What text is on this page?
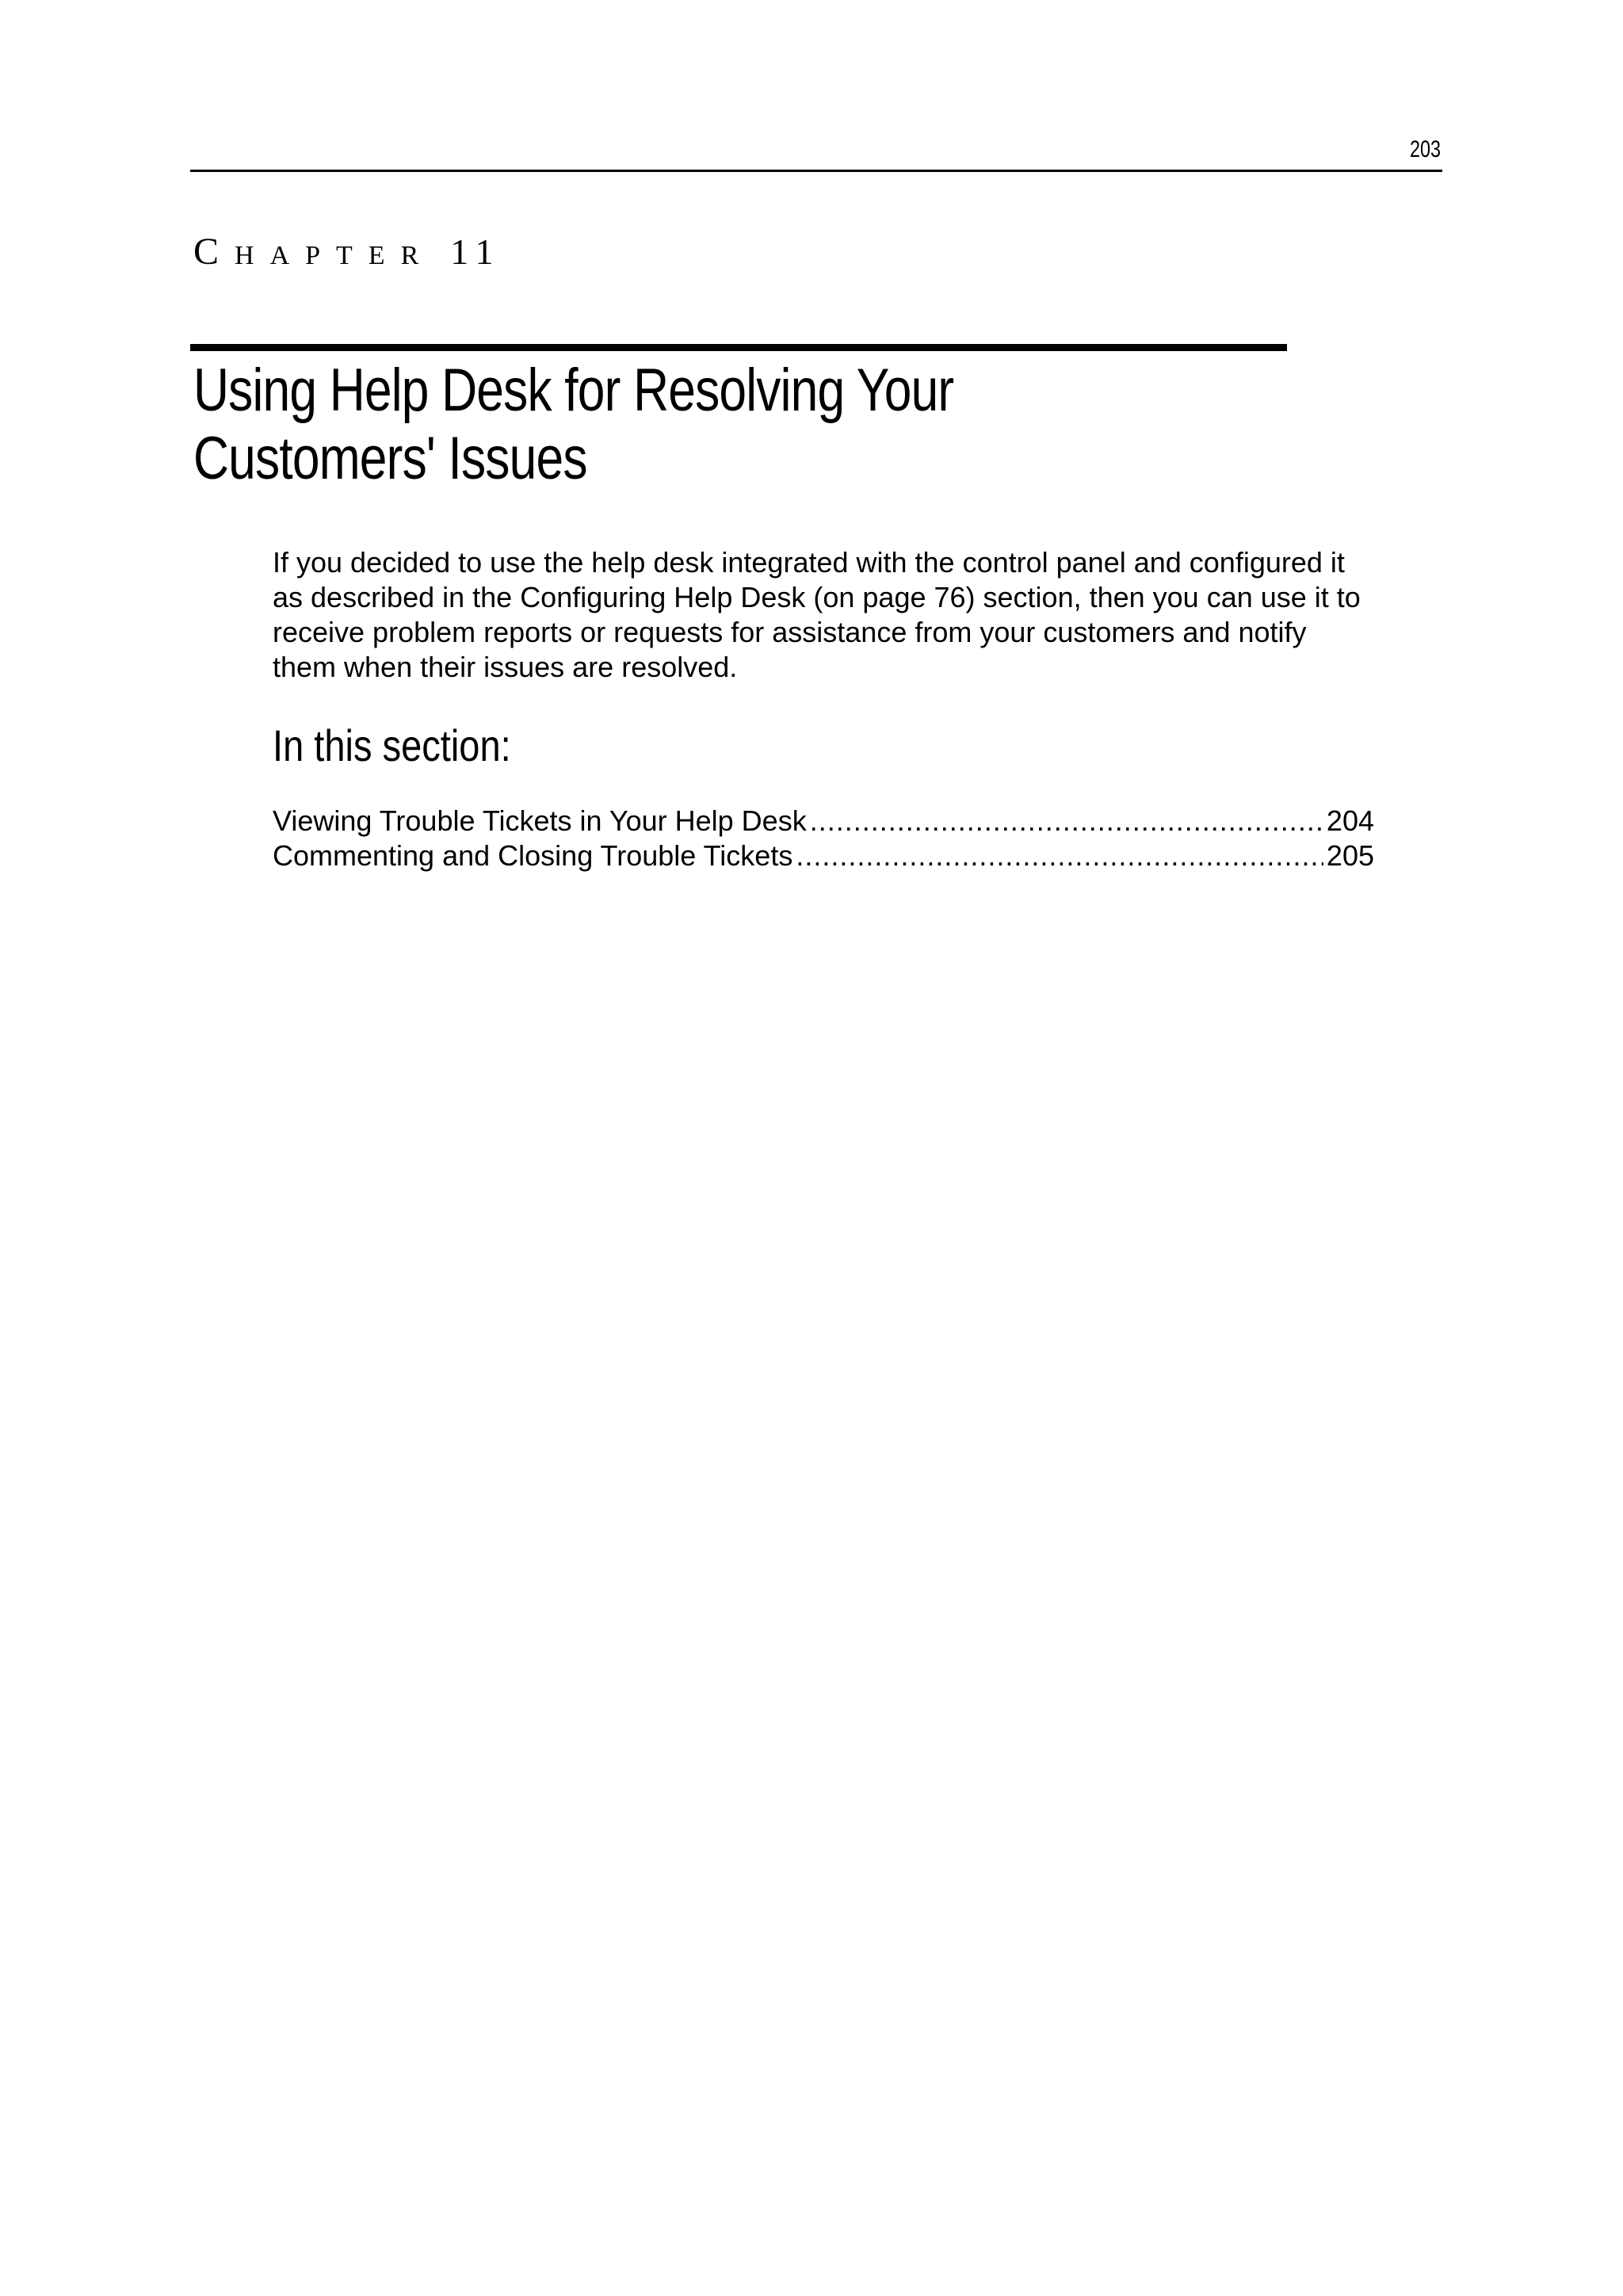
203
CHAPTER 11
Using Help Desk for Resolving Your
Customers' Issues

If you decided to use the help desk integrated with the control panel and configured it
as described in the Configuring Help Desk (on page 76) section, then you can use it to
receive problem reports or requests for assistance from your customers and notify
them when their issues are resolved.

In this section:
Viewing Trouble Tickets in Your Help Desk .....	204
Commenting and Closing Trouble Tickets .....	205
